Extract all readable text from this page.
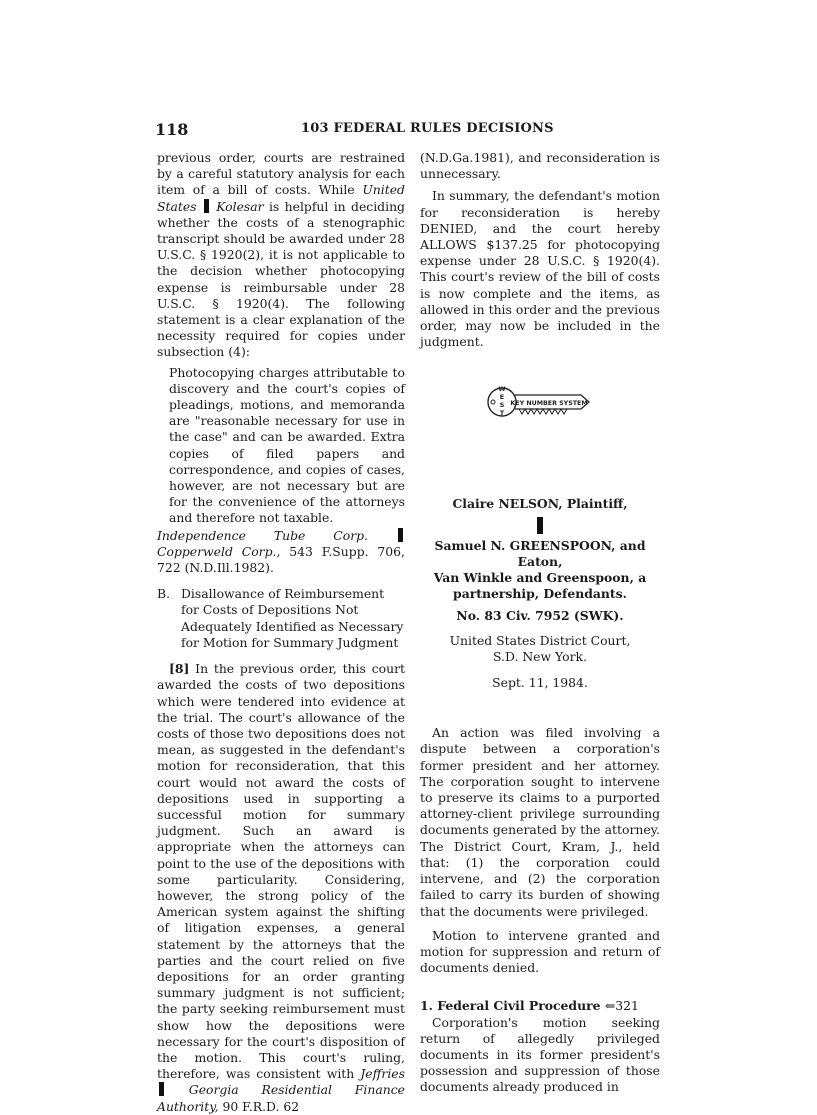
118	103 FEDERAL RULES DECISIONS

previous order, courts are restrained by a careful statutory analysis for each item of a bill of costs. While United States Kolesar is helpful in deciding whether the costs of a stenographic transcript should be awarded under 28 U.S.C. § 1920(2), it is not applicable to the decision whether photocopying expense is reimbursable under 28 U.S.C. § 1920(4). The following statement is a clear explanation of the necessity required for copies under subsection (4):

Photocopying charges attributable to discovery and the court's copies of pleadings, motions, and memoranda are "reasonable necessary for use in the case" and can be awarded. Extra copies of filed papers and correspondence, and copies of cases, however, are not necessary but are for the convenience of the attorneys and therefore not taxable.

Independence Tube Corp.  Copperweld Corp., 543 F.Supp. 706, 722 (N.D.Ill.1982).

B. Disallowance of Reimbursement for Costs of Depositions Not Adequately Identified as Necessary for Motion for Summary Judgment

[8] In the previous order, this court awarded the costs of two depositions which were tendered into evidence at the trial. The court's allowance of the costs of those two depositions does not mean, as suggested in the defendant's motion for reconsideration, that this court would not award the costs of depositions used in supporting a successful motion for summary judgment. Such an award is appropriate when the attorneys can point to the use of the depositions with some particularity. Considering, however, the strong policy of the American system against the shifting of litigation expenses, a general statement by the attorneys that the parties and the court relied on five depositions for an order granting summary judgment is not sufficient; the party seeking reimbursement must show how the depositions were necessary for the court's disposition of the motion. This court's ruling, therefore, was consistent with Jeffries  Georgia Residential Finance Authority, 90 F.R.D. 62

(N.D.Ga.1981), and reconsideration is unnecessary.

In summary, the defendant's motion for reconsideration is hereby DENIED, and the court hereby ALLOWS $137.25 for photocopying expense under 28 U.S.C. § 1920(4). This court's review of the bill of costs is now complete and the items, as allowed in this order and the previous order, may now be included in the judgment.

W
E
S
T
KEY NUMBER SYSTEM

Claire NELSON, Plaintiff,

Samuel N. GREENSPOON, and Eaton,

Van Winkle and Greenspoon, a

partnership, Defendants.

No. 83 Civ. 7952 (SWK).

United States District Court,

S.D. New York.

Sept. 11, 1984.

An action was filed involving a dispute between a corporation's former president and her attorney. The corporation sought to intervene to preserve its claims to a purported attorney-client privilege surrounding documents generated by the attorney. The District Court, Kram, J., held that: (1) the corporation could intervene, and (2) the corporation failed to carry its burden of showing that the documents were privileged.

Motion to intervene granted and motion for suppression and return of documents denied.

1. Federal Civil Procedure ⇐321

Corporation's motion seeking return of allegedly privileged documents in its former president's possession and suppression of those documents already produced in
